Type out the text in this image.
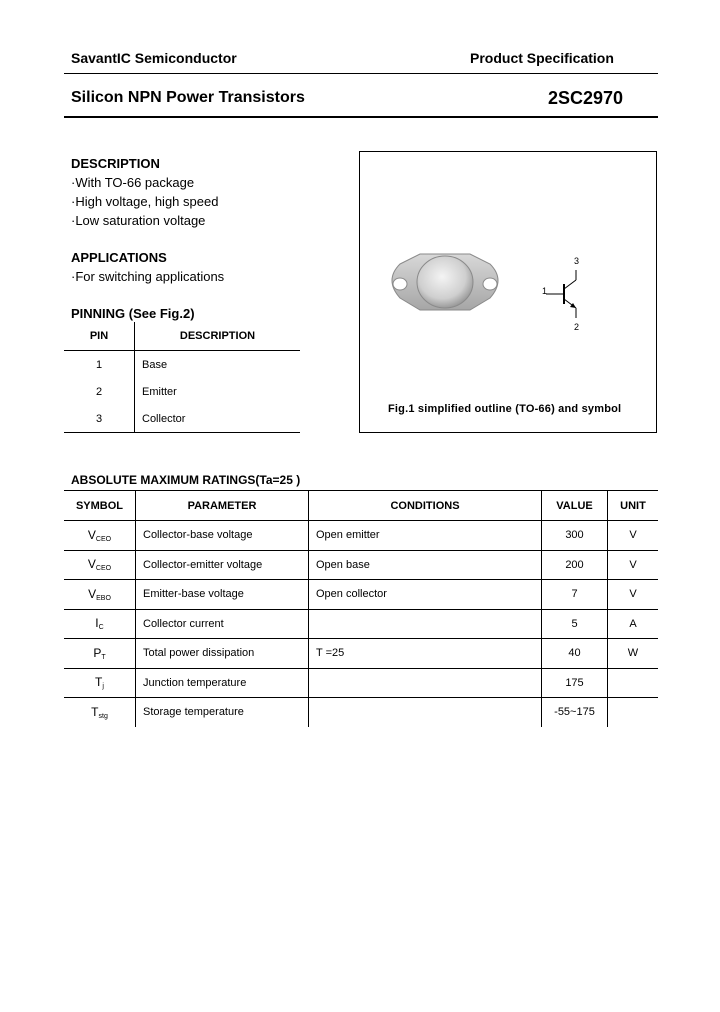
SavantIC Semiconductor	Product Specification
Silicon NPN Power Transistors	2SC2970
DESCRIPTION
·With TO-66 package
·High voltage, high speed
·Low saturation voltage
APPLICATIONS
·For switching applications
PINNING (See Fig.2)
PIN	DESCRIPTION
1	Base
2	Emitter
3	Collector
3
1
2
Fig.1 simplified outline (TO-66) and symbol
ABSOLUTE MAXIMUM RATINGS(Ta=25 )
SYMBOL	PARAMETER	CONDITIONS	VALUE	UNIT
VCEO	Collector-base voltage	Open emitter	300	V
VCEO	Collector-emitter voltage	Open base	200	V
VEBO	Emitter-base voltage	Open collector	7	V
IC	Collector current		5	A
PT	Total power dissipation	T =25	40	W
Tj	Junction temperature		175	
Tstg	Storage temperature		-55~175	
